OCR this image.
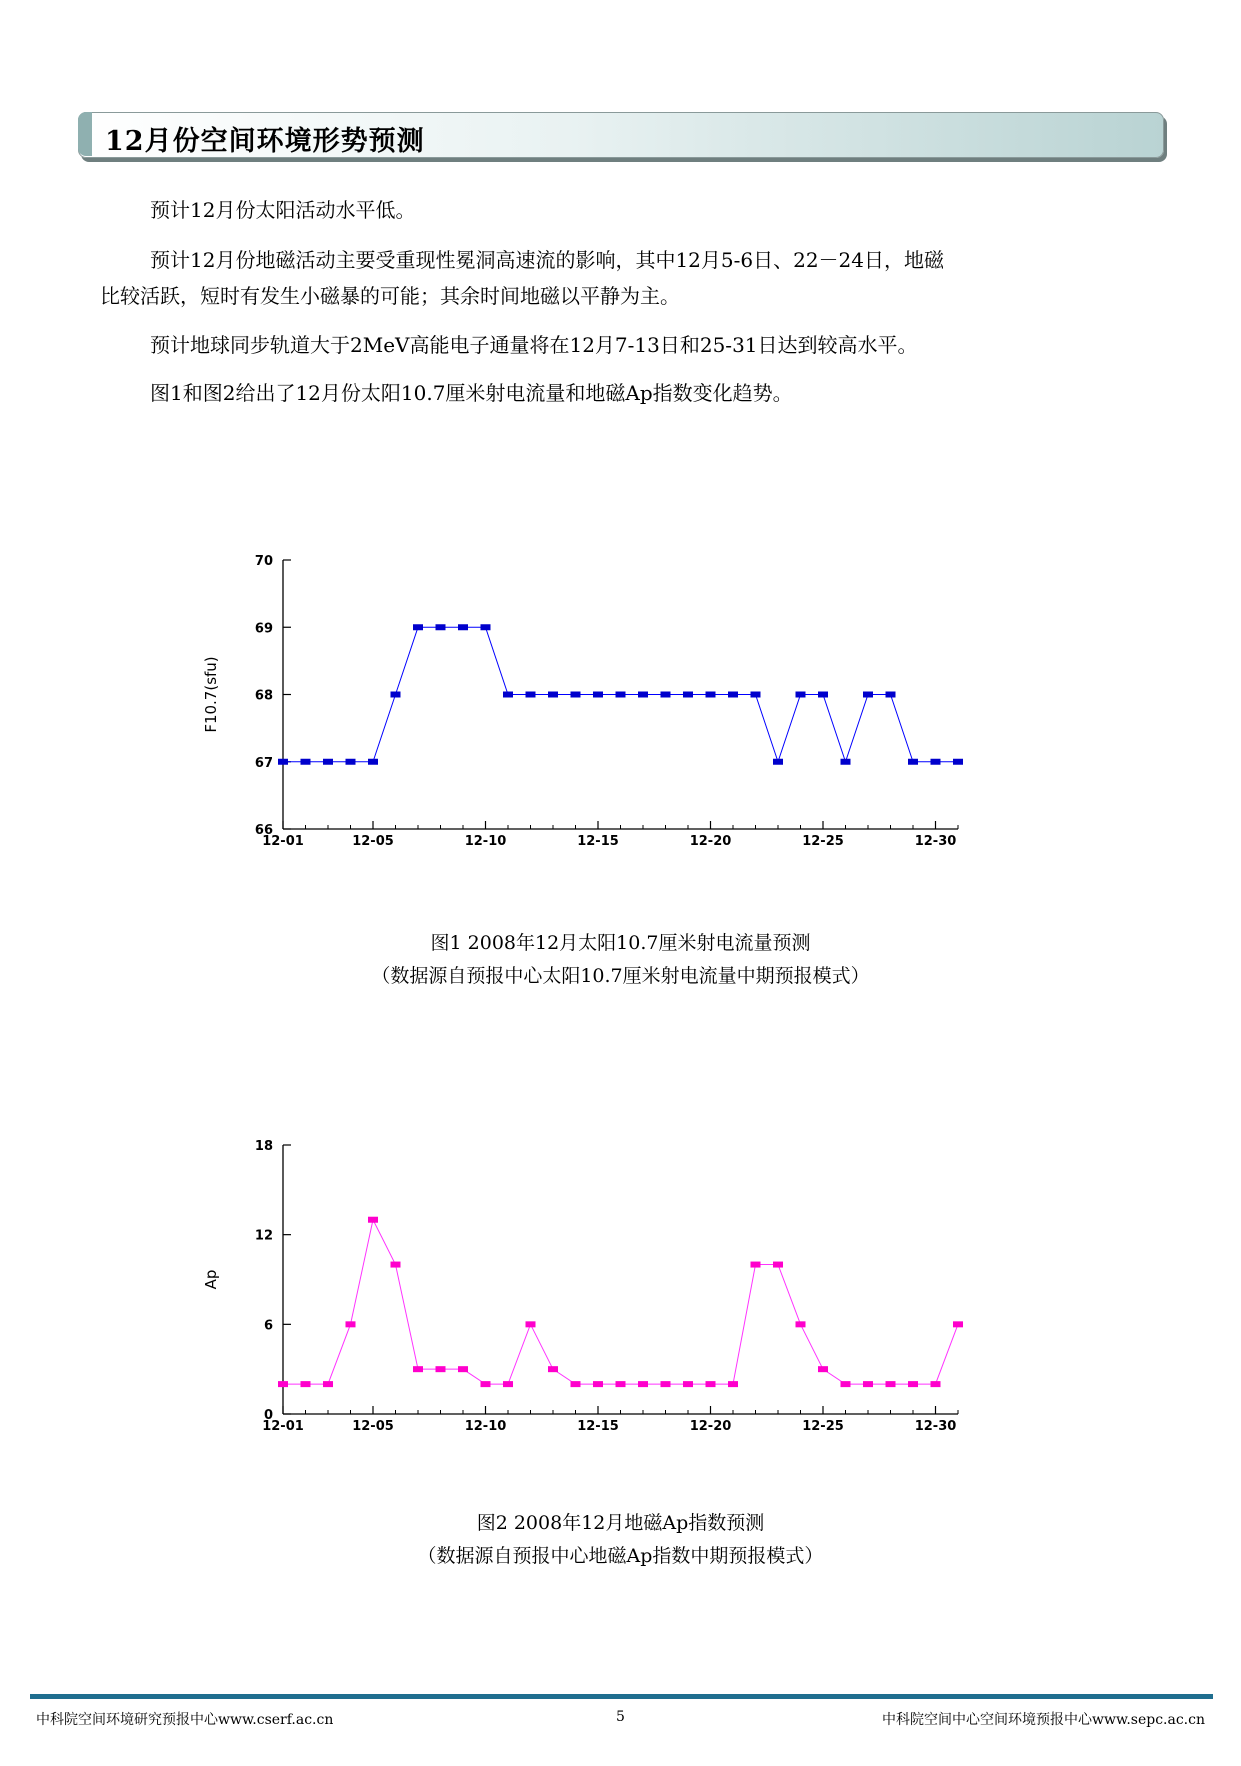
12月份空间环境形势预测
预计12月份太阳活动水平低。
预计12月份地磁活动主要受重现性冕洞高速流的影响，其中12月5-6日、22－24日，地磁
比较活跃，短时有发生小磁暴的可能；其余时间地磁以平静为主。
预计地球同步轨道大于2MeV高能电子通量将在12月7-13日和25-31日达到较高水平。
图1和图2给出了12月份太阳10.7厘米射电流量和地磁Ap指数变化趋势。
66
67
68
69
70
12-01	12-05	12-10	12-15	12-20	12-25	12-30
F10.7(sfu)
图1 2008年12月太阳10.7厘米射电流量预测
（数据源自预报中心太阳10.7厘米射电流量中期预报模式）
0
6
12
18
12-01	12-05	12-10	12-15	12-20	12-25	12-30
Ap
图2 2008年12月地磁Ap指数预测
（数据源自预报中心地磁Ap指数中期预报模式）
中科院空间环境研究预报中心www.cserf.ac.cn	5	中科院空间中心空间环境预报中心www.sepc.ac.cn
